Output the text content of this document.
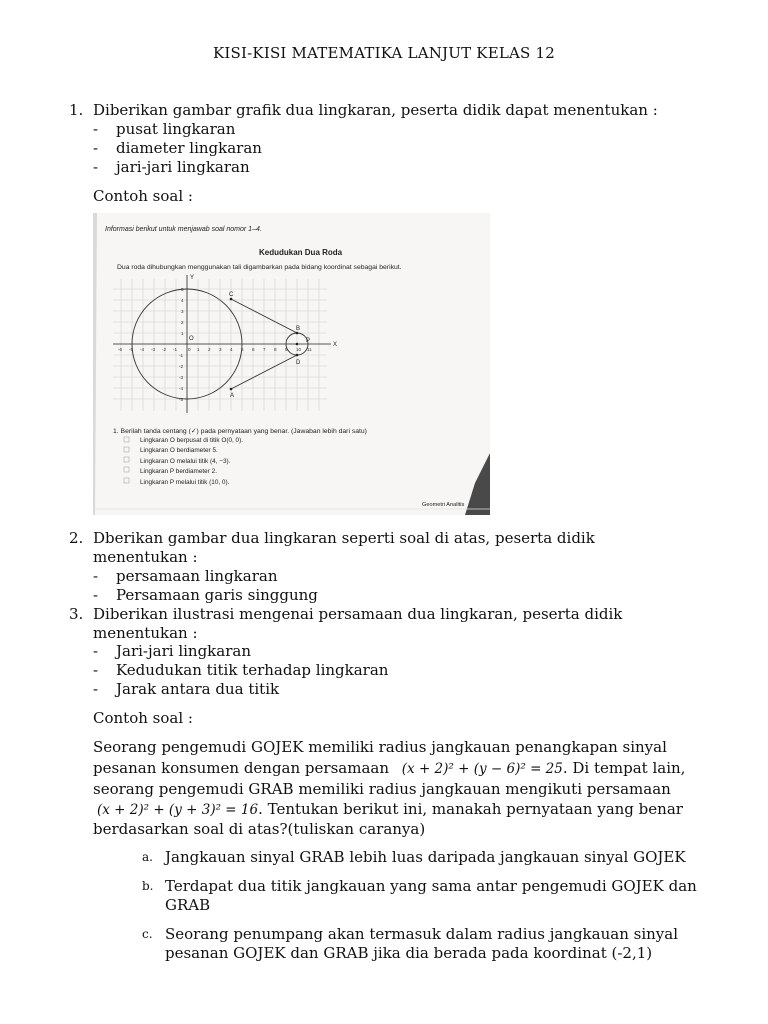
KISI-KISI MATEMATIKA LANJUT KELAS 12
1. Diberikan gambar grafik dua lingkaran, peserta didik dapat menentukan :
- pusat lingkaran
- diameter lingkaran
- jari-jari lingkaran
Contoh soal :
Informasi berikut untuk menjawab soal nomor 1–4.
Kedudukan Dua Roda
Dua roda dihubungkan menggunakan tali digambarkan pada bidang koordinat sebagai berikut.
X
Y
O
-6 -5 -4 -3 -2 -1 0 1 2 3 4 5 6 7 8 9 10 11
5
4
3
2
1
-1
-2
-3
-4
-5
C
A
B
D
P
1. Berilah tanda centang (✓) pada pernyataan yang benar. (Jawaban lebih dari satu)
Lingkaran O berpusat di titik O(0, 0).
Lingkaran O berdiameter 5.
Lingkaran O melalui titik (4, −3).
Lingkaran P berdiameter 2.
Lingkaran P melalui titik (10, 0).
Geometri Analitis
2. Dberikan gambar dua lingkaran seperti soal di atas, peserta didik
menentukan :
- persamaan lingkaran
- Persamaan garis singgung
3. Diberikan ilustrasi mengenai persamaan dua lingkaran, peserta didik
menentukan :
- Jari-jari lingkaran
- Kedudukan titik terhadap lingkaran
- Jarak antara dua titik
Contoh soal :
Seorang pengemudi GOJEK memiliki radius jangkauan penangkapan sinyal
pesanan konsumen dengan persamaan (x + 2)² + (y − 6)² = 25. Di tempat lain,
seorang pengemudi GRAB memiliki radius jangkauan mengikuti persamaan
(x + 2)² + (y + 3)² = 16. Tentukan berikut ini, manakah pernyataan yang benar
berdasarkan soal di atas?(tuliskan caranya)
a. Jangkauan sinyal GRAB lebih luas daripada jangkauan sinyal GOJEK
b. Terdapat dua titik jangkauan yang sama antar pengemudi GOJEK dan
GRAB
c. Seorang penumpang akan termasuk dalam radius jangkauan sinyal
pesanan GOJEK dan GRAB jika dia berada pada koordinat (-2,1)
